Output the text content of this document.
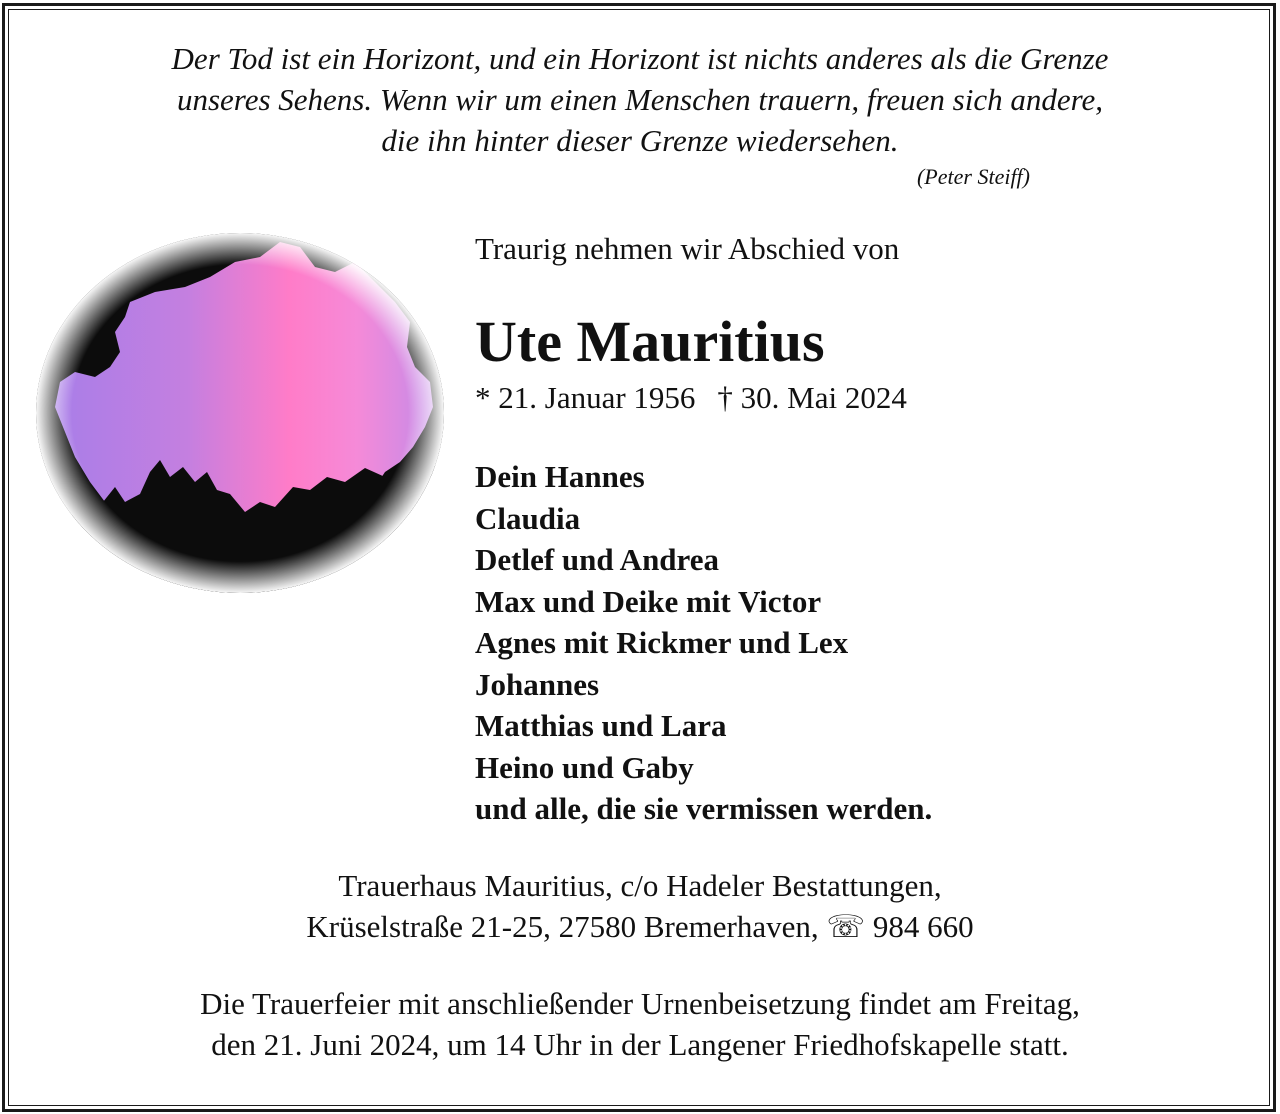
Der Tod ist ein Horizont, und ein Horizont ist nichts anderes als die Grenze
unseres Sehens. Wenn wir um einen Menschen trauern, freuen sich andere,
die ihn hinter dieser Grenze wiedersehen.
(Peter Steiff)
Traurig nehmen wir Abschied von
Ute Mauritius
* 21. Januar 1956 † 30. Mai 2024
Dein Hannes
Claudia
Detlef und Andrea
Max und Deike mit Victor
Agnes mit Rickmer und Lex
Johannes
Matthias und Lara
Heino und Gaby
und alle, die sie vermissen werden.
Trauerhaus Mauritius, c/o Hadeler Bestattungen,
Krüselstraße 21-25, 27580 Bremerhaven, ☏ 984 660
Die Trauerfeier mit anschließender Urnenbeisetzung findet am Freitag,
den 21. Juni 2024, um 14 Uhr in der Langener Friedhofskapelle statt.
